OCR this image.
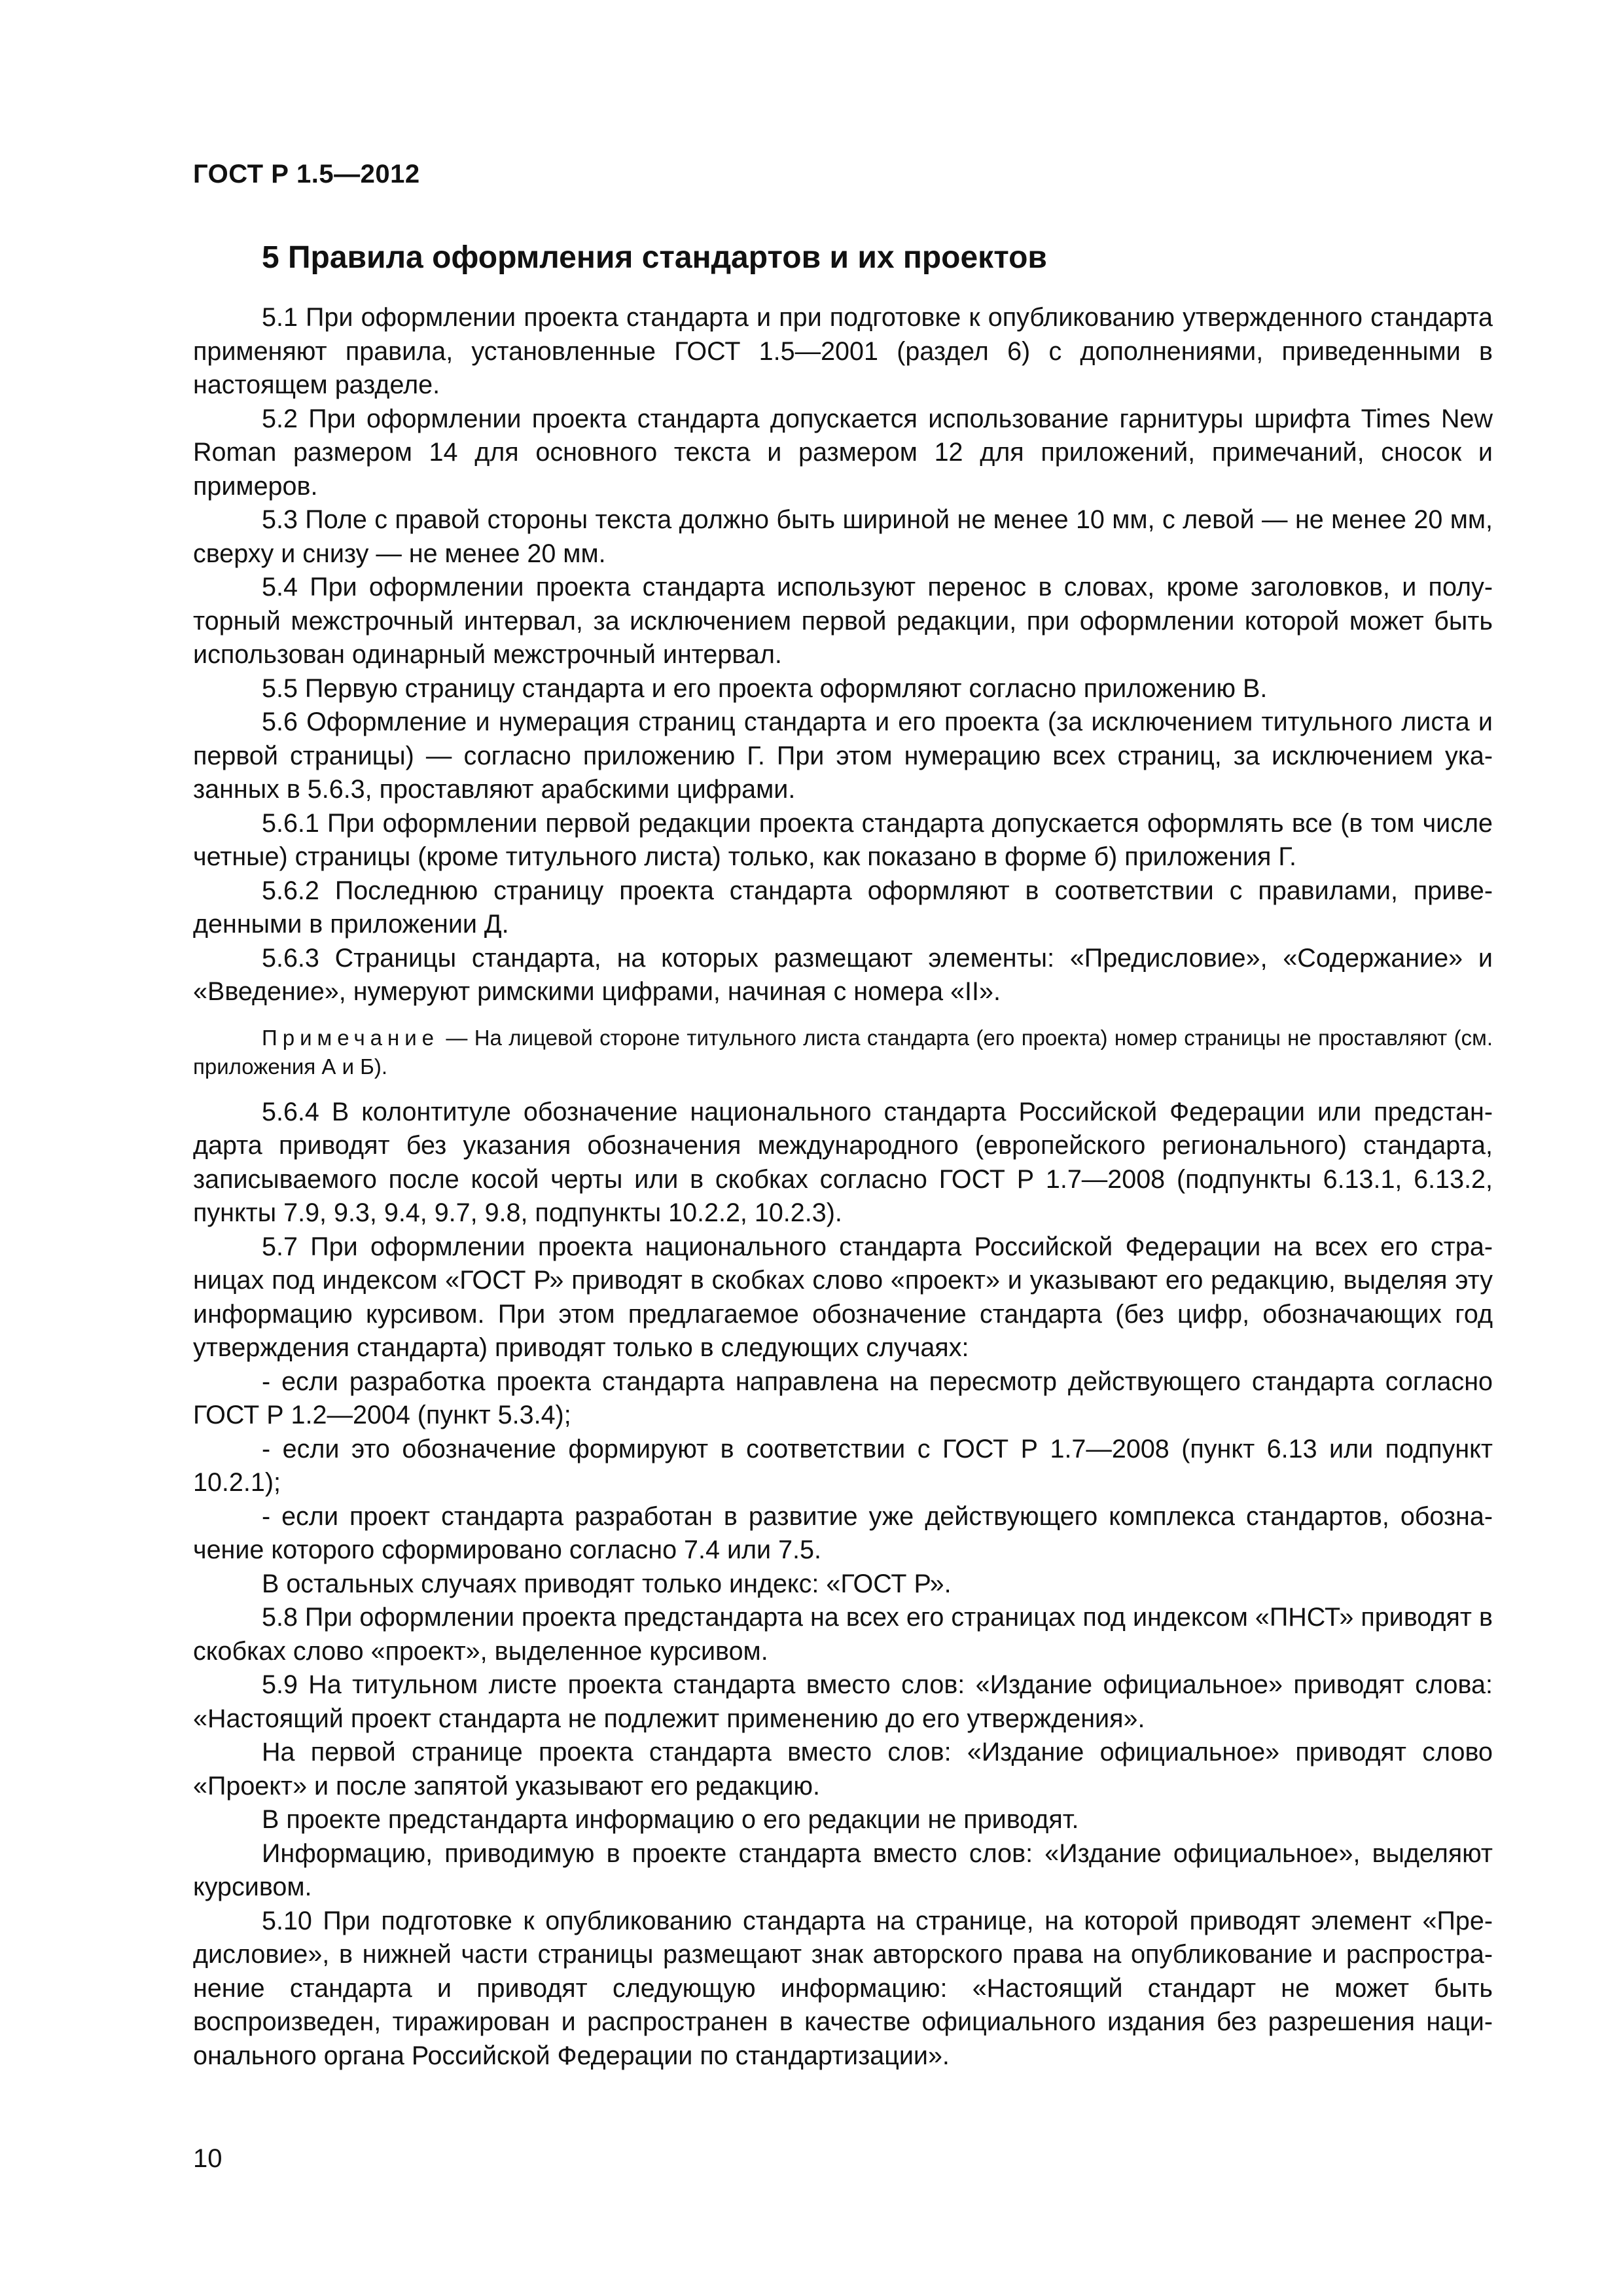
ГОСТ Р 1.5—2012
5 Правила оформления стандартов и их проектов

5.1 При оформлении проекта стандарта и при подготовке к опубликованию утвержденного стандарта применяют правила, установленные ГОСТ 1.5—2001 (раздел 6) с дополнениями, приведенными в настоящем разделе.

5.2 При оформлении проекта стандарта допускается использование гарнитуры шрифта Times New Roman размером 14 для основного текста и размером 12 для приложений, примечаний, сносок и примеров.

5.3 Поле с правой стороны текста должно быть шириной не менее 10 мм, с левой — не менее 20 мм, сверху и снизу — не менее 20 мм.

5.4 При оформлении проекта стандарта используют перенос в словах, кроме заголовков, и полуторный межстрочный интервал, за исключением первой редакции, при оформлении которой может быть использован одинарный межстрочный интервал.

5.5 Первую страницу стандарта и его проекта оформляют согласно приложению В.

5.6 Оформление и нумерация страниц стандарта и его проекта (за исключением титульного листа и первой страницы) — согласно приложению Г. При этом нумерацию всех страниц, за исключением указанных в 5.6.3, проставляют арабскими цифрами.

5.6.1 При оформлении первой редакции проекта стандарта допускается оформлять все (в том числе четные) страницы (кроме титульного листа) только, как показано в форме б) приложения Г.

5.6.2 Последнюю страницу проекта стандарта оформляют в соответствии с правилами, приведенными в приложении Д.

5.6.3 Страницы стандарта, на которых размещают элементы: «Предисловие», «Содержание» и «Введение», нумеруют римскими цифрами, начиная с номера «II».

Примечание — На лицевой стороне титульного листа стандарта (его проекта) номер страницы не проставляют (см. приложения А и Б).

5.6.4 В колонтитуле обозначение национального стандарта Российской Федерации или предстандарта приводят без указания обозначения международного (европейского регионального) стандарта, записываемого после косой черты или в скобках согласно ГОСТ Р 1.7—2008 (подпункты 6.13.1, 6.13.2, пункты 7.9, 9.3, 9.4, 9.7, 9.8, подпункты 10.2.2, 10.2.3).

5.7 При оформлении проекта национального стандарта Российской Федерации на всех его страницах под индексом «ГОСТ Р» приводят в скобках слово «проект» и указывают его редакцию, выделяя эту информацию курсивом. При этом предлагаемое обозначение стандарта (без цифр, обозначающих год утверждения стандарта) приводят только в следующих случаях:

- если разработка проекта стандарта направлена на пересмотр действующего стандарта согласно ГОСТ Р 1.2—2004 (пункт 5.3.4);

- если это обозначение формируют в соответствии с ГОСТ Р 1.7—2008 (пункт 6.13 или подпункт 10.2.1);

- если проект стандарта разработан в развитие уже действующего комплекса стандартов, обозначение которого сформировано согласно 7.4 или 7.5.

В остальных случаях приводят только индекс: «ГОСТ Р».

5.8 При оформлении проекта предстандарта на всех его страницах под индексом «ПНСТ» приводят в скобках слово «проект», выделенное курсивом.

5.9 На титульном листе проекта стандарта вместо слов: «Издание официальное» приводят слова: «Настоящий проект стандарта не подлежит применению до его утверждения».

На первой странице проекта стандарта вместо слов: «Издание официальное» приводят слово «Проект» и после запятой указывают его редакцию.

В проекте предстандарта информацию о его редакции не приводят.

Информацию, приводимую в проекте стандарта вместо слов: «Издание официальное», выделяют курсивом.

5.10 При подготовке к опубликованию стандарта на странице, на которой приводят элемент «Предисловие», в нижней части страницы размещают знак авторского права на опубликование и распространение стандарта и приводят следующую информацию: «Настоящий стандарт не может быть воспроизведен, тиражирован и распространен в качестве официального издания без разрешения национального органа Российской Федерации по стандартизации».

10
